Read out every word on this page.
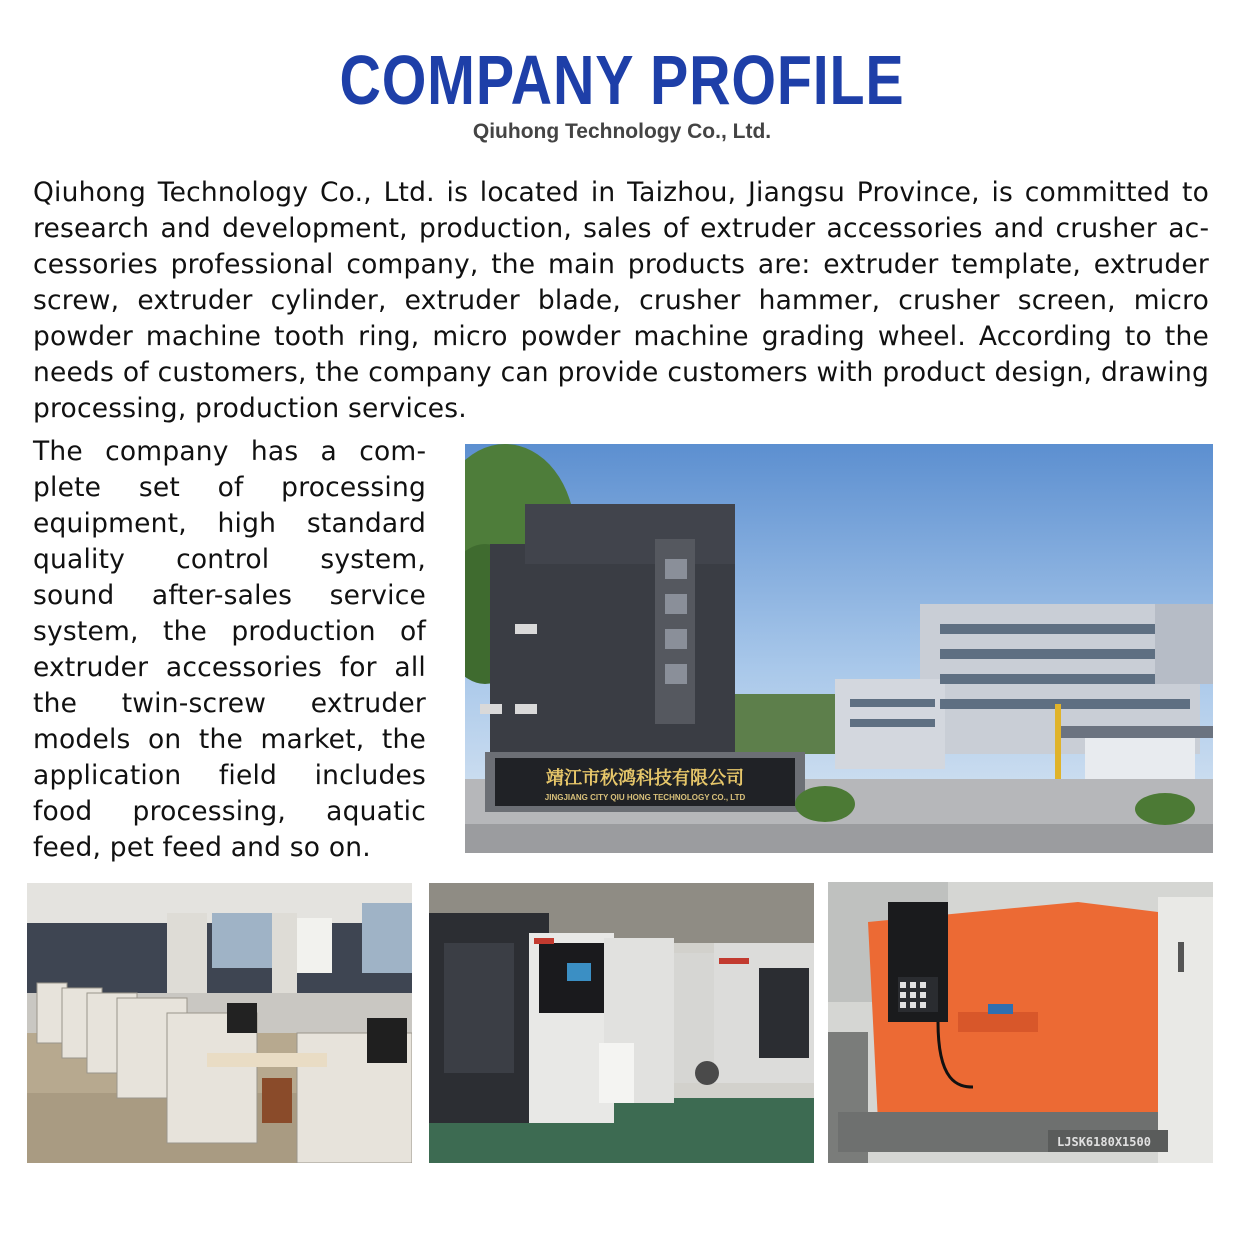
COMPANY PROFILE
Qiuhong Technology Co., Ltd.
Qiuhong Technology Co., Ltd. is located in Taizhou, Jiangsu Province, is committed to research and development, production, sales of extruder accessories and crusher accessories professional company, the main products are: extruder template, extruder screw, extruder cylinder, extruder blade, crusher hammer, crusher screen, micro powder machine tooth ring, micro powder machine grading wheel. According to the needs of customers, the company can provide customers with product design, drawing processing, production services.
The company has a complete set of processing equipment, high standard quality control system, sound after-sales service system, the production of extruder accessories for all the twin-screw extruder models on the market, the application field includes food processing, aquatic feed, pet feed and so on.
靖江市秋鸿科技有限公司
JINGJIANG CITY QIU HONG TECHNOLOGY CO., LTD
LJSK6180X1500
